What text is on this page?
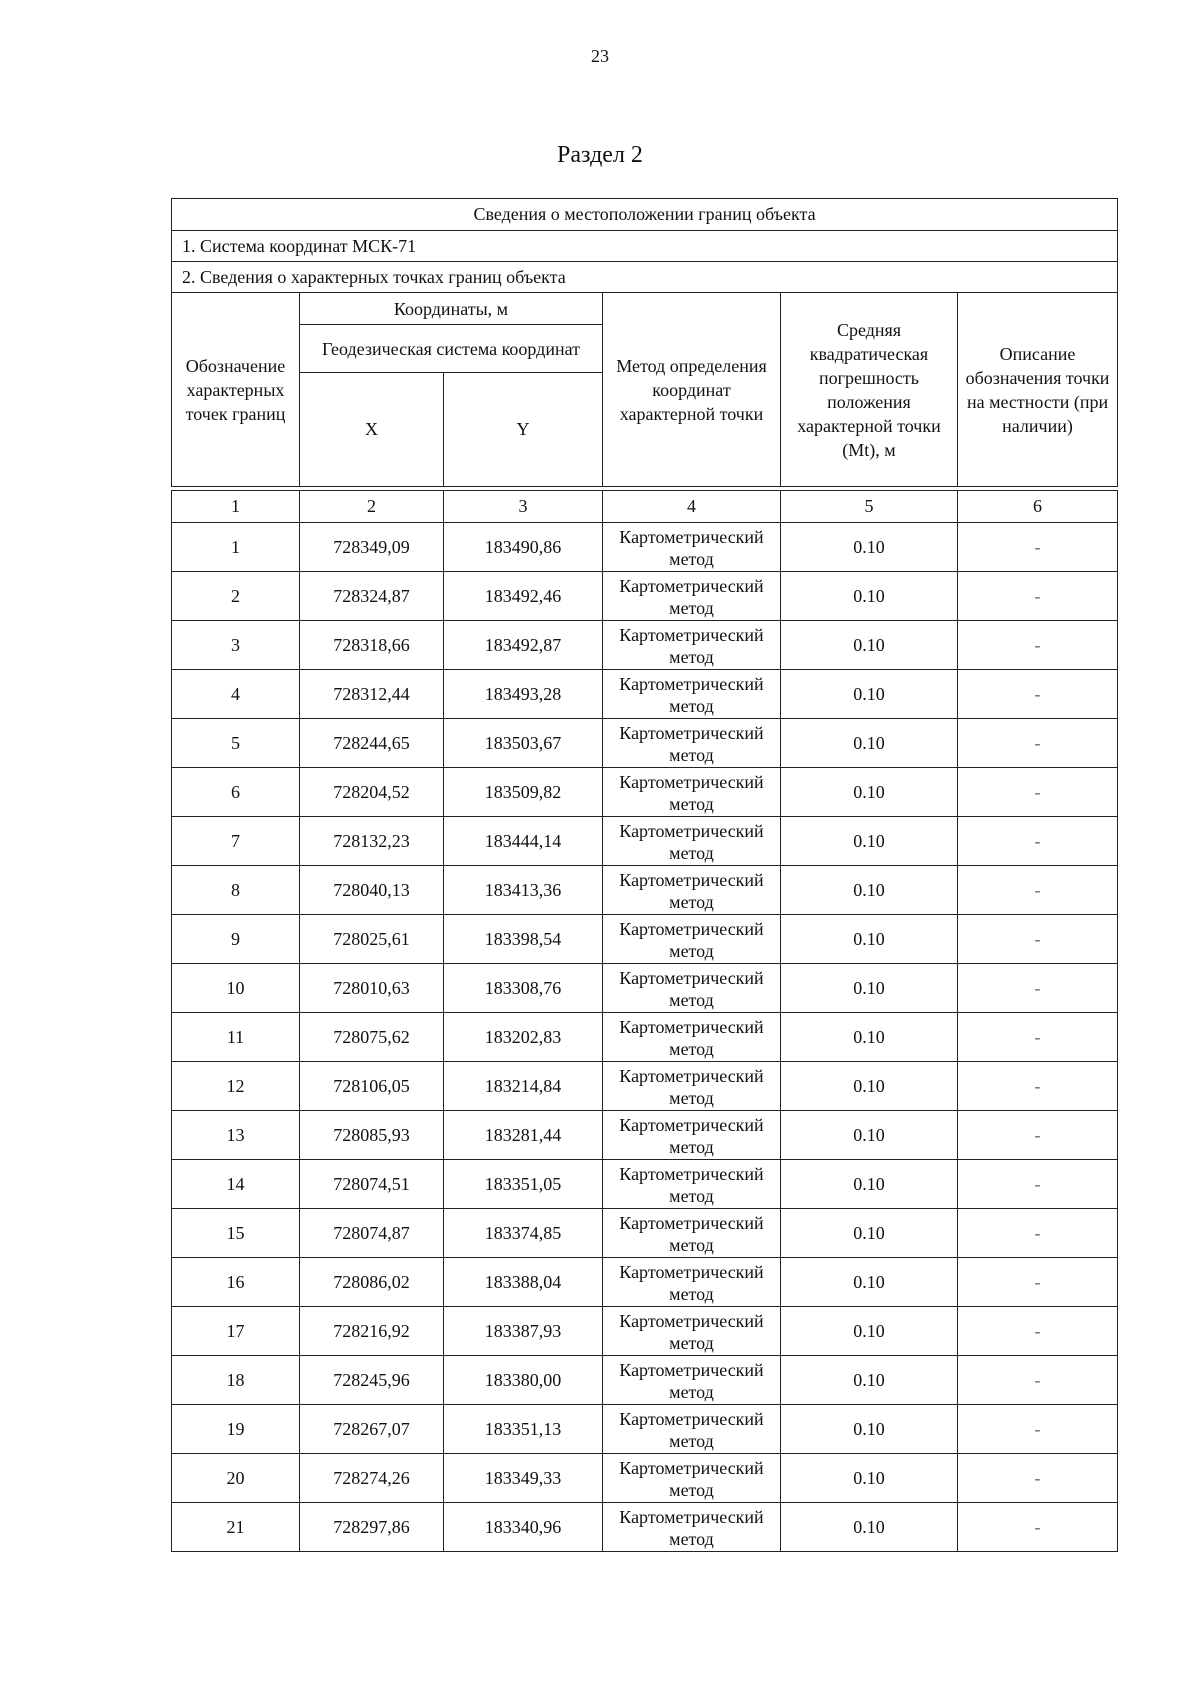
23
Раздел 2
Сведения о местоположении границ объекта					
1. Система координат МСК-71					
2. Сведения о характерных точках границ объекта					
Обозначение характерных точек границ	Координаты, м		Метод определения координат характерной точки	Средняя квадратическая погрешность положения характерной точки (Mt), м	Описание обозначения точки на местности (при наличии)
	Геодезическая система координат				
	X	Y			

1	2	3	4	5	6
1	728349,09	183490,86	Картометрический метод	0.10	-
2	728324,87	183492,46	Картометрический метод	0.10	-
3	728318,66	183492,87	Картометрический метод	0.10	-
4	728312,44	183493,28	Картометрический метод	0.10	-
5	728244,65	183503,67	Картометрический метод	0.10	-
6	728204,52	183509,82	Картометрический метод	0.10	-
7	728132,23	183444,14	Картометрический метод	0.10	-
8	728040,13	183413,36	Картометрический метод	0.10	-
9	728025,61	183398,54	Картометрический метод	0.10	-
10	728010,63	183308,76	Картометрический метод	0.10	-
11	728075,62	183202,83	Картометрический метод	0.10	-
12	728106,05	183214,84	Картометрический метод	0.10	-
13	728085,93	183281,44	Картометрический метод	0.10	-
14	728074,51	183351,05	Картометрический метод	0.10	-
15	728074,87	183374,85	Картометрический метод	0.10	-
16	728086,02	183388,04	Картометрический метод	0.10	-
17	728216,92	183387,93	Картометрический метод	0.10	-
18	728245,96	183380,00	Картометрический метод	0.10	-
19	728267,07	183351,13	Картометрический метод	0.10	-
20	728274,26	183349,33	Картометрический метод	0.10	-
21	728297,86	183340,96	Картометрический метод	0.10	-
